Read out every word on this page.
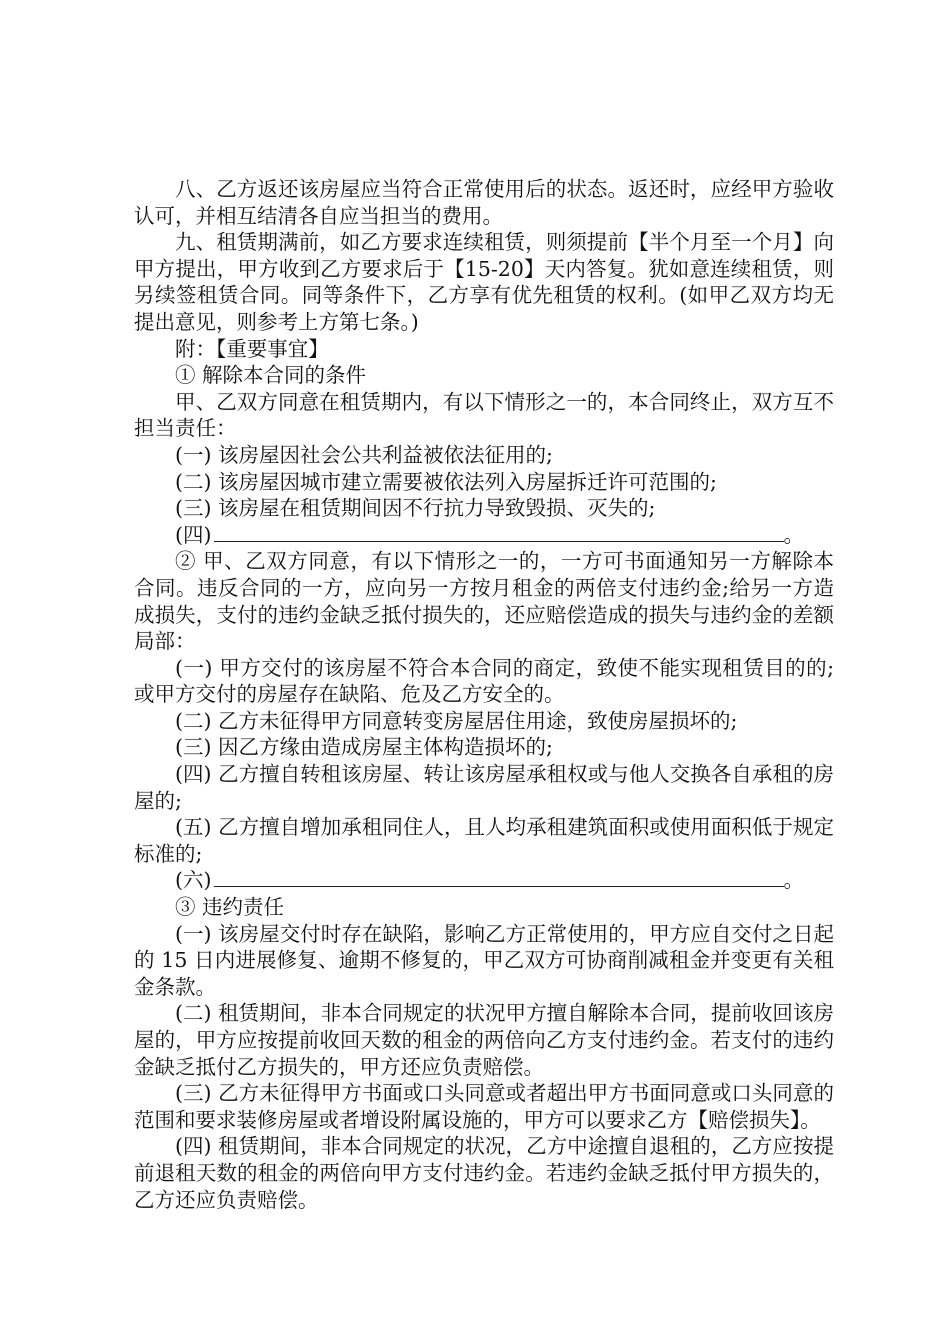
八、乙方返还该房屋应当符合正常使用后的状态。返还时，应经甲方验收认可，并相互结清各自应当担当的费用。

九、租赁期满前，如乙方要求连续租赁，则须提前【半个月至一个月】向甲方提出，甲方收到乙方要求后于【15-20】天内答复。犹如意连续租赁，则另续签租赁合同。同等条件下，乙方享有优先租赁的权利。(如甲乙双方均无提出意见，则参考上方第七条。)

附：【重要事宜】

① 解除本合同的条件

甲、乙双方同意在租赁期内，有以下情形之一的，本合同终止，双方互不担当责任：

(一) 该房屋因社会公共利益被依法征用的;

(二) 该房屋因城市建立需要被依法列入房屋拆迁许可范围的;

(三) 该房屋在租赁期间因不行抗力导致毁损、灭失的;

(四)	。

② 甲、乙双方同意，有以下情形之一的，一方可书面通知另一方解除本合同。违反合同的一方，应向另一方按月租金的两倍支付违约金;给另一方造成损失，支付的违约金缺乏抵付损失的，还应赔偿造成的损失与违约金的差额局部：

(一) 甲方交付的该房屋不符合本合同的商定，致使不能实现租赁目的的;或甲方交付的房屋存在缺陷、危及乙方安全的。

(二) 乙方未征得甲方同意转变房屋居住用途，致使房屋损坏的;

(三) 因乙方缘由造成房屋主体构造损坏的;

(四) 乙方擅自转租该房屋、转让该房屋承租权或与他人交换各自承租的房屋的;

(五) 乙方擅自增加承租同住人，且人均承租建筑面积或使用面积低于规定标准的;

(六)	。

③ 违约责任

(一) 该房屋交付时存在缺陷，影响乙方正常使用的，甲方应自交付之日起的 15 日内进展修复、逾期不修复的，甲乙双方可协商削减租金并变更有关租金条款。

(二) 租赁期间，非本合同规定的状况甲方擅自解除本合同，提前收回该房屋的，甲方应按提前收回天数的租金的两倍向乙方支付违约金。若支付的违约金缺乏抵付乙方损失的，甲方还应负责赔偿。

(三) 乙方未征得甲方书面或口头同意或者超出甲方书面同意或口头同意的范围和要求装修房屋或者增设附属设施的，甲方可以要求乙方【赔偿损失】。

(四) 租赁期间，非本合同规定的状况，乙方中途擅自退租的，乙方应按提前退租天数的租金的两倍向甲方支付违约金。若违约金缺乏抵付甲方损失的，乙方还应负责赔偿。
